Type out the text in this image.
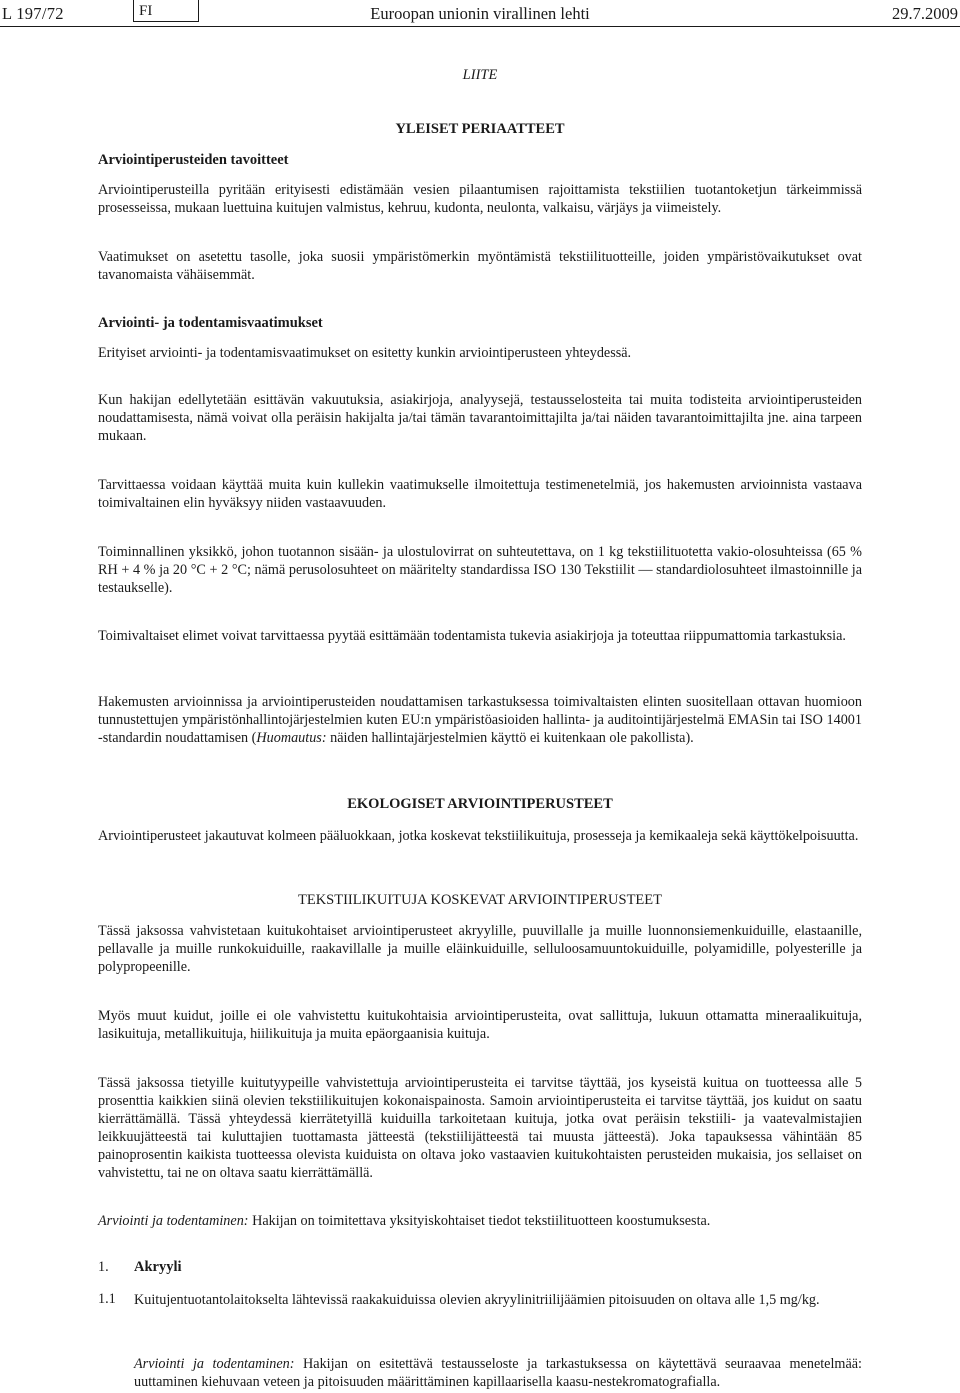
L 197/72	FI	Euroopan unionin virallinen lehti	29.7.2009
LIITE
YLEISET PERIAATTEET
Arviointiperusteiden tavoitteet
Arviointiperusteilla pyritään erityisesti edistämään vesien pilaantumisen rajoittamista tekstiilien tuotantoketjun tärkeimmissä prosesseissa, mukaan luettuina kuitujen valmistus, kehruu, kudonta, neulonta, valkaisu, värjäys ja viimeistely.
Vaatimukset on asetettu tasolle, joka suosii ympäristömerkin myöntämistä tekstiilituotteille, joiden ympäristövaikutukset ovat tavanomaista vähäisemmät.
Arviointi- ja todentamisvaatimukset
Erityiset arviointi- ja todentamisvaatimukset on esitetty kunkin arviointiperusteen yhteydessä.
Kun hakijan edellytetään esittävän vakuutuksia, asiakirjoja, analyysejä, testausselosteita tai muita todisteita arviointiperusteiden noudattamisesta, nämä voivat olla peräisin hakijalta ja/tai tämän tavarantoimittajilta ja/tai näiden tavarantoimittajilta jne. aina tarpeen mukaan.
Tarvittaessa voidaan käyttää muita kuin kullekin vaatimukselle ilmoitettuja testimenetelmiä, jos hakemusten arvioinnista vastaava toimivaltainen elin hyväksyy niiden vastaavuuden.
Toiminnallinen yksikkö, johon tuotannon sisään- ja ulostulovirrat on suhteutettava, on 1 kg tekstiilituotetta vakio-olosuhteissa (65 % RH + 4 % ja 20 °C + 2 °C; nämä perusolosuhteet on määritelty standardissa ISO 130 Tekstiilit — standardiolosuhteet ilmastoinnille ja testaukselle).
Toimivaltaiset elimet voivat tarvittaessa pyytää esittämään todentamista tukevia asiakirjoja ja toteuttaa riippumattomia tarkastuksia.
Hakemusten arvioinnissa ja arviointiperusteiden noudattamisen tarkastuksessa toimivaltaisten elinten suositellaan ottavan huomioon tunnustettujen ympäristönhallintojärjestelmien kuten EU:n ympäristöasioiden hallinta- ja auditointijärjestelmä EMASin tai ISO 14001 -standardin noudattamisen (Huomautus: näiden hallintajärjestelmien käyttö ei kuitenkaan ole pakollista).
EKOLOGISET ARVIOINTIPERUSTEET
Arviointiperusteet jakautuvat kolmeen pääluokkaan, jotka koskevat tekstiilikuituja, prosesseja ja kemikaaleja sekä käyttökelpoisuutta.
TEKSTIILIKUITUJA KOSKEVAT ARVIOINTIPERUSTEET
Tässä jaksossa vahvistetaan kuitukohtaiset arviointiperusteet akryylille, puuvillalle ja muille luonnonsiemenkuiduille, elastaanille, pellavalle ja muille runkokuiduille, raakavillalle ja muille eläinkuiduille, selluloosamuuntokuiduille, polyamidille, polyesterille ja polypropeenille.
Myös muut kuidut, joille ei ole vahvistettu kuitukohtaisia arviointiperusteita, ovat sallittuja, lukuun ottamatta mineraalikuituja, lasikuituja, metallikuituja, hiilikuituja ja muita epäorgaanisia kuituja.
Tässä jaksossa tietyille kuitutyypeille vahvistettuja arviointiperusteita ei tarvitse täyttää, jos kyseistä kuitua on tuotteessa alle 5 prosenttia kaikkien siinä olevien tekstiilikuitujen kokonaispainosta. Samoin arviointiperusteita ei tarvitse täyttää, jos kuidut on saatu kierrättämällä. Tässä yhteydessä kierrätetyillä kuiduilla tarkoitetaan kuituja, jotka ovat peräisin tekstiili- ja vaatevalmistajien leikkuujätteestä tai kuluttajien tuottamasta jätteestä (tekstiilijätteestä tai muusta jätteestä). Joka tapauksessa vähintään 85 painoprosentin kaikista tuotteessa olevista kuiduista on oltava joko vastaavien kuitukohtaisten perusteiden mukaisia, jos sellaiset on vahvistettu, tai ne on oltava saatu kierrättämällä.
Arviointi ja todentaminen: Hakijan on toimitettava yksityiskohtaiset tiedot tekstiilituotteen koostumuksesta.
1. Akryyli
1.1 Kuitujentuotantolaitokselta lähtevissä raakakuiduissa olevien akryylinitriilijäämien pitoisuuden on oltava alle 1,5 mg/kg.
Arviointi ja todentaminen: Hakijan on esitettävä testausseloste ja tarkastuksessa on käytettävä seuraavaa menetelmää: uuttaminen kiehuvaan veteen ja pitoisuuden määrittäminen kapillaarisella kaasu-nestekromatografialla.
